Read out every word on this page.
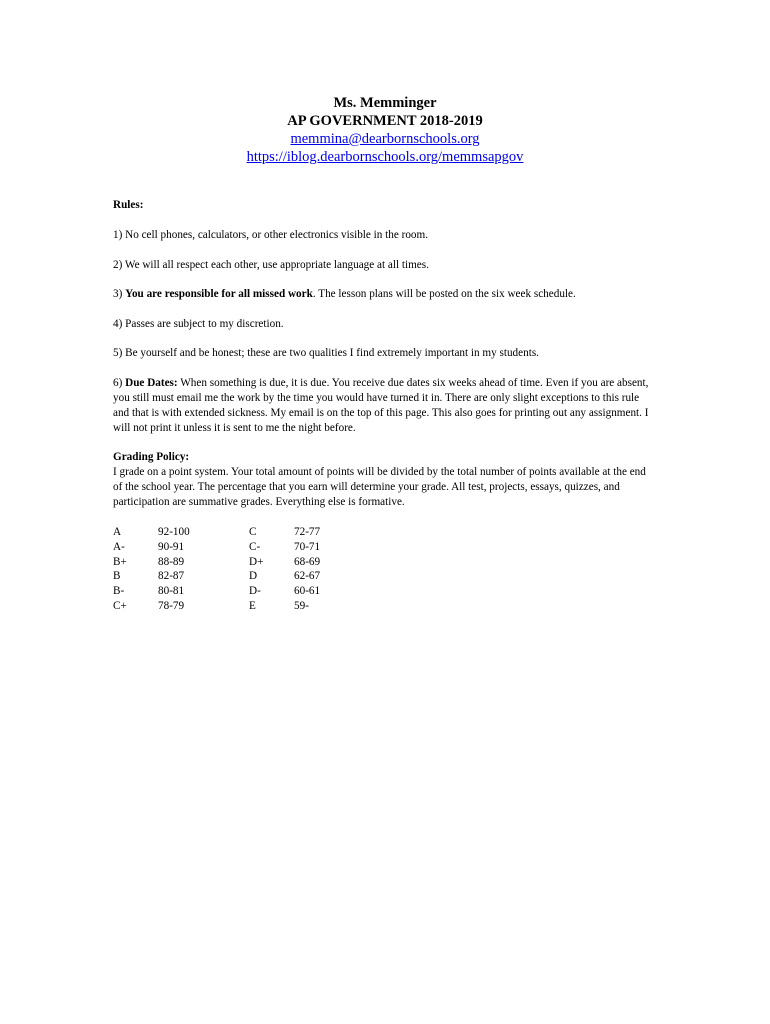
Ms. Memminger
AP GOVERNMENT 2018-2019
memmina@dearbornschools.org
https://iblog.dearbornschools.org/memmsapgov

Rules:

1) No cell phones, calculators, or other electronics visible in the room.

2) We will all respect each other, use appropriate language at all times.

3) You are responsible for all missed work. The lesson plans will be posted on the six week schedule.

4) Passes are subject to my discretion.

5) Be yourself and be honest; these are two qualities I find extremely important in my students.

6) Due Dates: When something is due, it is due. You receive due dates six weeks ahead of time. Even if you are absent, you still must email me the work by the time you would have turned it in. There are only slight exceptions to this rule and that is with extended sickness. My email is on the top of this page. This also goes for printing out any assignment. I will not print it unless it is sent to me the night before.

Grading Policy:

I grade on a point system. Your total amount of points will be divided by the total number of points available at the end of the school year. The percentage that you earn will determine your grade. All test, projects, essays, quizzes, and participation are summative grades. Everything else is formative.

A	92-100	C	72-77
A-	90-91	C-	70-71
B+	88-89	D+	68-69
B	82-87	D	62-67
B-	80-81	D-	60-61
C+	78-79	E	59-
